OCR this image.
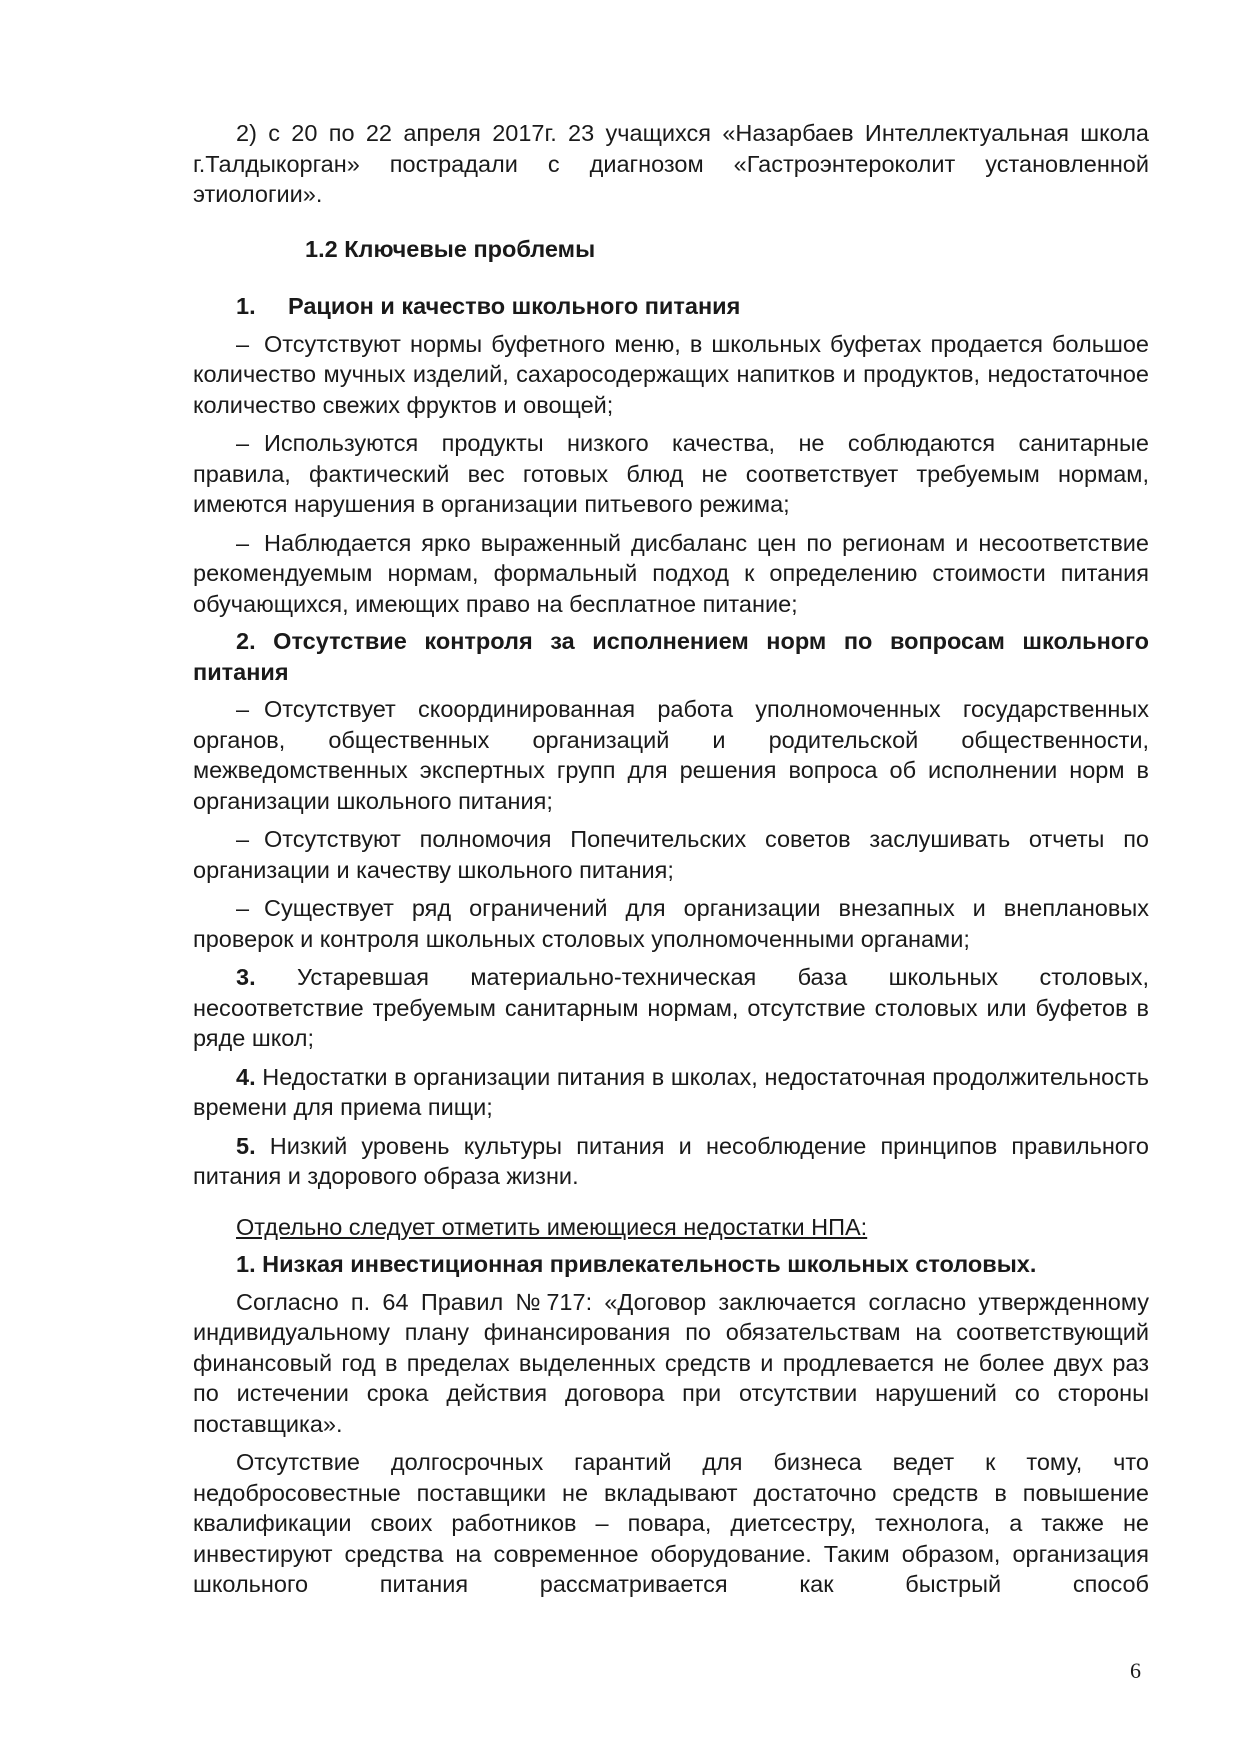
2) с 20 по 22 апреля 2017г. 23 учащихся «Назарбаев Интеллектуальная школа г.Талдыкорган» пострадали с диагнозом «Гастроэнтероколит установленной этиологии».

1.2 Ключевые проблемы

1. Рацион и качество школьного питания

– Отсутствуют нормы буфетного меню, в школьных буфетах продается большое количество мучных изделий, сахаросодержащих напитков и продуктов, недостаточное количество свежих фруктов и овощей;

– Используются продукты низкого качества, не соблюдаются санитарные правила, фактический вес готовых блюд не соответствует требуемым нормам, имеются нарушения в организации питьевого режима;

– Наблюдается ярко выраженный дисбаланс цен по регионам и несоответствие рекомендуемым нормам, формальный подход к определению стоимости питания обучающихся, имеющих право на бесплатное питание;

2. Отсутствие контроля за исполнением норм по вопросам школьного питания

– Отсутствует скоординированная работа уполномоченных государственных органов, общественных организаций и родительской общественности, межведомственных экспертных групп для решения вопроса об исполнении норм в организации школьного питания;

– Отсутствуют полномочия Попечительских советов заслушивать отчеты по организации и качеству школьного питания;

– Существует ряд ограничений для организации внезапных и внеплановых проверок и контроля школьных столовых уполномоченными органами;

3. Устаревшая материально-техническая база школьных столовых, несоответствие требуемым санитарным нормам, отсутствие столовых или буфетов в ряде школ;

4. Недостатки в организации питания в школах, недостаточная продолжительность времени для приема пищи;

5. Низкий уровень культуры питания и несоблюдение принципов правильного питания и здорового образа жизни.

Отдельно следует отметить имеющиеся недостатки НПА:

1. Низкая инвестиционная привлекательность школьных столовых.

Согласно п. 64 Правил №717: «Договор заключается согласно утвержденному индивидуальному плану финансирования по обязательствам на соответствующий финансовый год в пределах выделенных средств и продлевается не более двух раз по истечении срока действия договора при отсутствии нарушений со стороны поставщика».

Отсутствие долгосрочных гарантий для бизнеса ведет к тому, что недобросовестные поставщики не вкладывают достаточно средств в повышение квалификации своих работников – повара, диетсестру, технолога, а также не инвестируют средства на современное оборудование. Таким образом, организация школьного питания рассматривается как быстрый способ

6
